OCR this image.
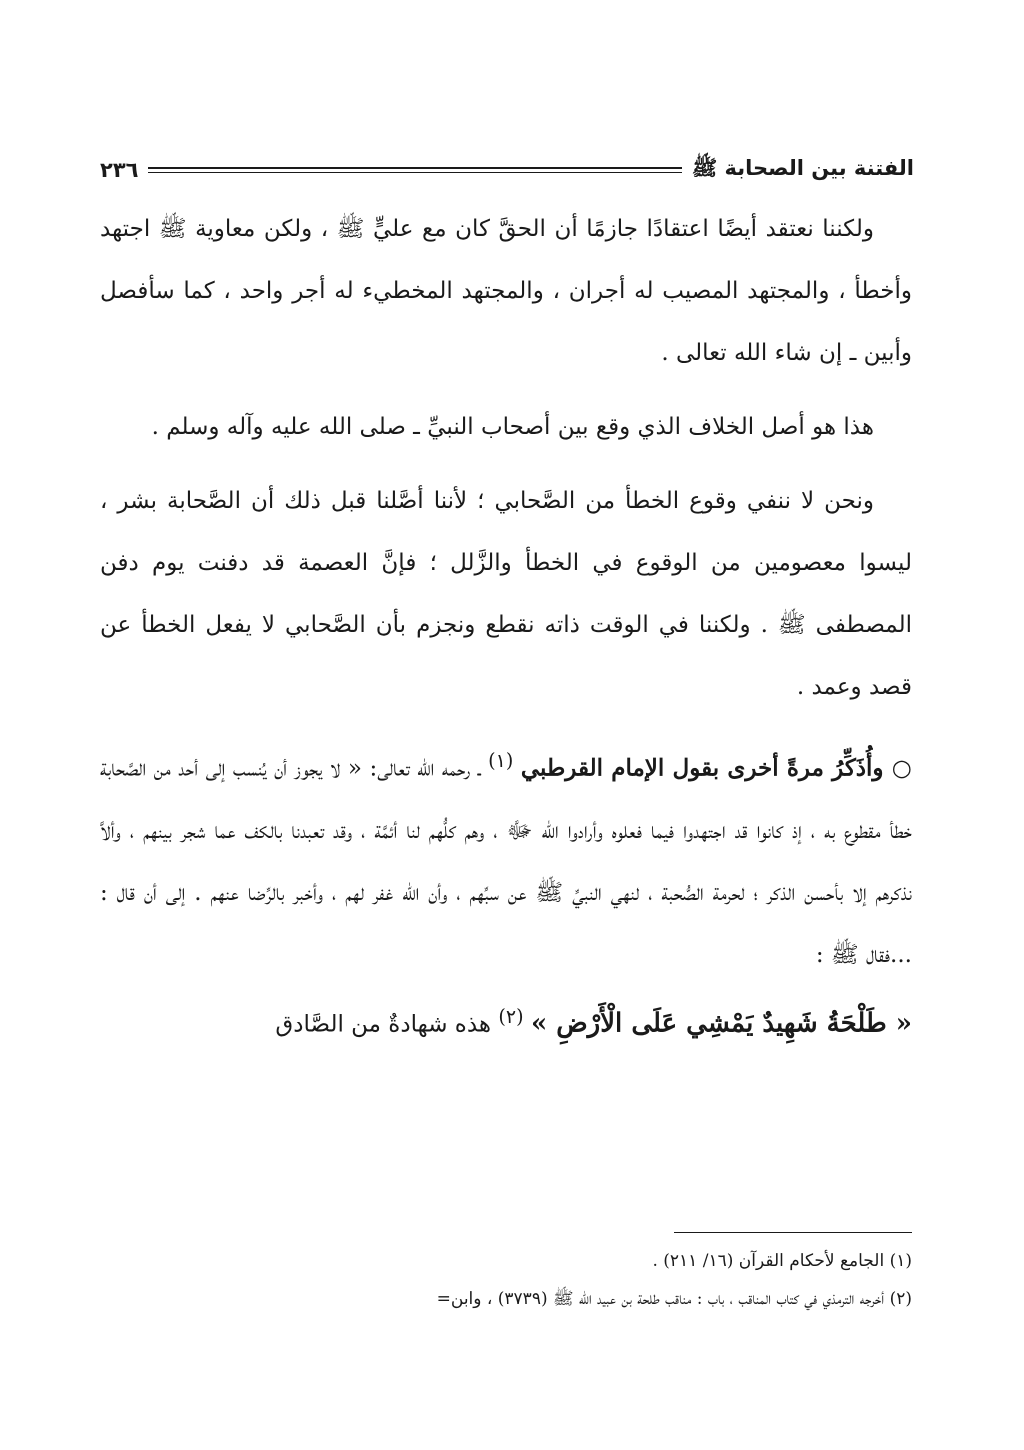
الفتنة بين الصحابة ﷺ
٢٣٦

ولكننا نعتقد أيضًا اعتقادًا جازمًا أن الحقَّ كان مع عليٍّ ﷺ ، ولكن معاوية ﷺ اجتهد وأخطأ ، والمجتهد المصيب له أجران ، والمجتهد المخطيء له أجر واحد ، كما سأفصل وأبين ـ إن شاء الله تعالى .

هذا هو أصل الخلاف الذي وقع بين أصحاب النبيِّ ـ صلى الله عليه وآله وسلم .

ونحن لا ننفي وقوع الخطأ من الصَّحابي ؛ لأننا أصَّلنا قبل ذلك أن الصَّحابة بشر ، ليسوا معصومين من الوقوع في الخطأ والزَّلل ؛ فإنَّ العصمة قد دفنت يوم دفن المصطفى ﷺ . ولكننا في الوقت ذاته نقطع ونجزم بأن الصَّحابي لا يفعل الخطأ عن قصد وعمد .

○ وأُذَكِّرُ مرةً أخرى بقول الإمام القرطبي $^{(١)}$ ـ رحمه الله تعالى: « لا يجوز أن يُنسب إلى أحد من الصَّحابة خطأ مقطوع به ، إذ كانوا قد اجتهدوا فيما فعلوه وأرادوا الله ﷻ ، وهم كلُّهم لنا أئمَّة ، وقد تعبدنا بالكف عما شجر بينهم ، وألاَّ نذكرهم إلا بأحسن الذكر ؛ لحرمة الصُّحبة ، لنهي النبيِّ ﷺ عن سبِّهم ، وأن الله غفر لهم ، وأخبر بالرِّضا عنهم . إلى أن قال : ...فقال ﷺ :

« طَلْحَةُ شَهِيدٌ يَمْشِي عَلَى الْأَرْضِ » $^{(٢)}$ هذه شهادةٌ من الصَّادق

(١) الجامع لأحكام القرآن (١٦/ ٢١١) .

(٢) أخرجه الترمذي في كتاب المناقب ، باب : مناقب طلحة بن عبيد الله ﷺ (٣٧٣٩) ، وابن=
